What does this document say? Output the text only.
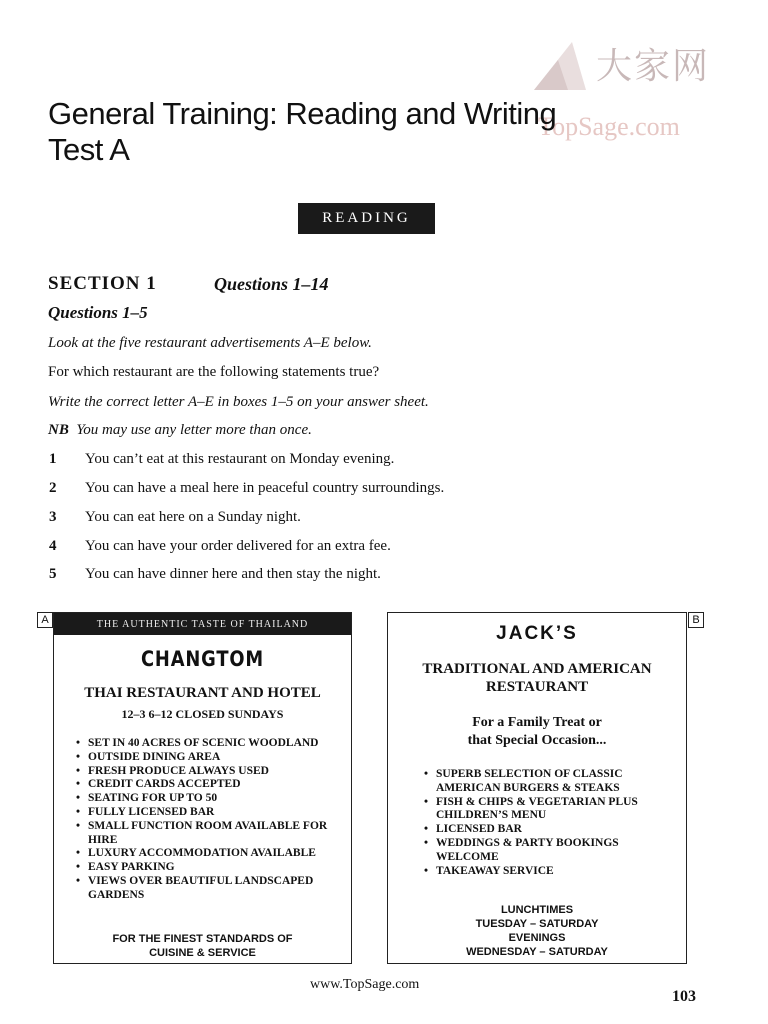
大家网
TopSage.com
General Training: Reading and Writing
Test A
READING
SECTION 1	Questions 1–14
Questions 1–5
Look at the five restaurant advertisements A–E below.
For which restaurant are the following statements true?
Write the correct letter A–E in boxes 1–5 on your answer sheet.
NB You may use any letter more than once.
1 You can’t eat at this restaurant on Monday evening.
2 You can have a meal here in peaceful country surroundings.
3 You can eat here on a Sunday night.
4 You can have your order delivered for an extra fee.
5 You can have dinner here and then stay the night.
A	THE AUTHENTIC TASTE OF THAILAND
CHANGTOM
THAI RESTAURANT AND HOTEL
12–3 6–12 CLOSED SUNDAYS
• SET IN 40 ACRES OF SCENIC WOODLAND
• OUTSIDE DINING AREA
• FRESH PRODUCE ALWAYS USED
• CREDIT CARDS ACCEPTED
• SEATING FOR UP TO 50
• FULLY LICENSED BAR
• SMALL FUNCTION ROOM AVAILABLE FOR HIRE
• LUXURY ACCOMMODATION AVAILABLE
• EASY PARKING
• VIEWS OVER BEAUTIFUL LANDSCAPED GARDENS
FOR THE FINEST STANDARDS OF
CUISINE & SERVICE
B
JACK’S
TRADITIONAL AND AMERICAN
RESTAURANT
For a Family Treat or
that Special Occasion...
• SUPERB SELECTION OF CLASSIC AMERICAN BURGERS & STEAKS
• FISH & CHIPS & VEGETARIAN PLUS CHILDREN’S MENU
• LICENSED BAR
• WEDDINGS & PARTY BOOKINGS WELCOME
• TAKEAWAY SERVICE
LUNCHTIMES
TUESDAY – SATURDAY
EVENINGS
WEDNESDAY – SATURDAY
www.TopSage.com
103
